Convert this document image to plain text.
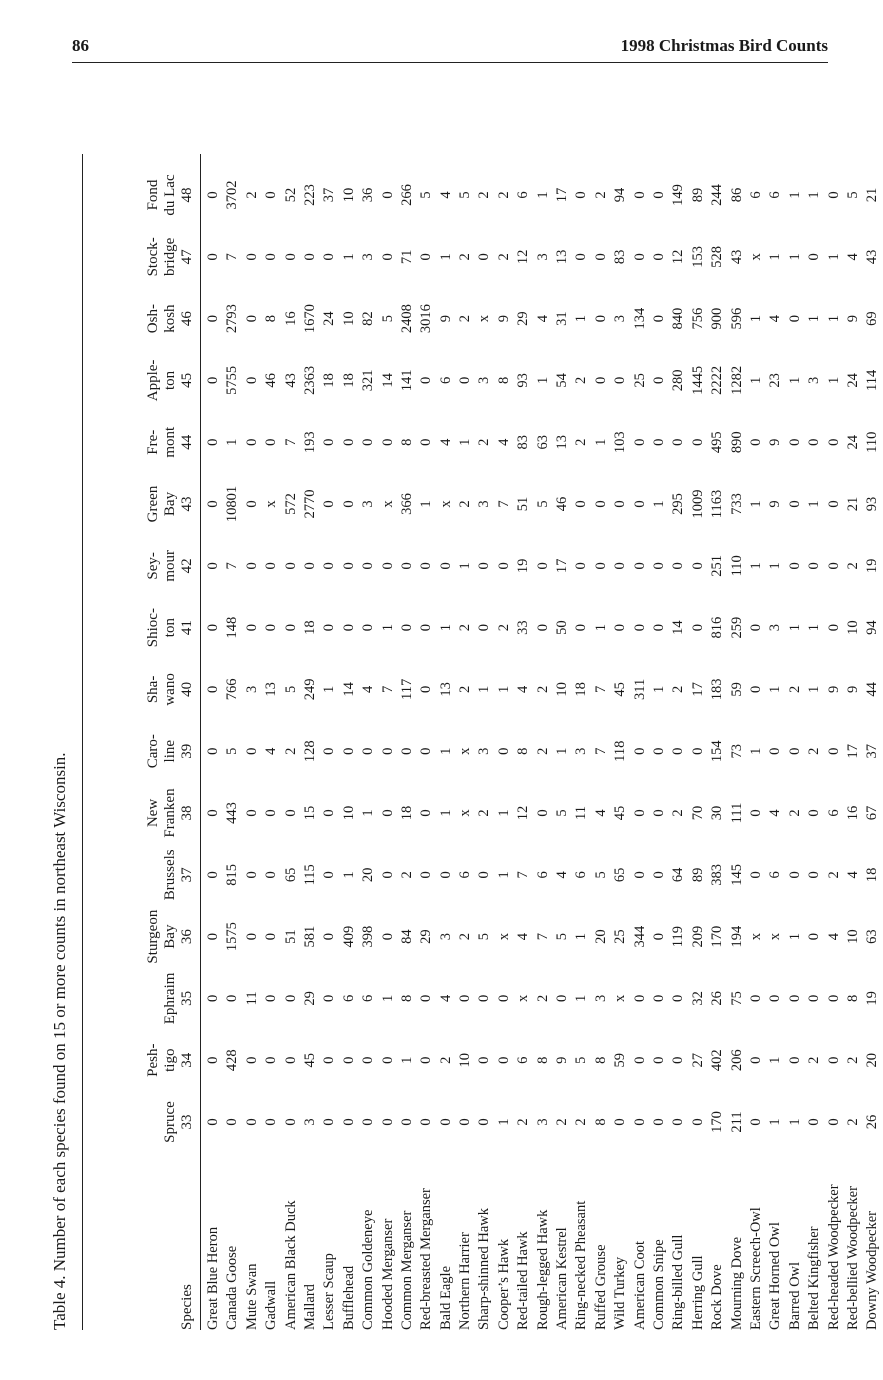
86	1998 Christmas Bird Counts
Table 4. Number of each species found on 15 or more counts in northeast Wisconsin.	Species
Spruce 33
Pesh- tigo 34
Ephraim 35
Sturgeon Bay 36
Brussels 37
New Franken 38
Caro- line 39
Sha- wano 40
Shioc- ton 41
Sey- mour 42
Green Bay 43
Fre- mont 44
Apple- ton 45
Osh- kosh 46
Stock- bridge 47
Fond du Lac 48
Great Blue Heron
0
0
0
0
0
0
0
0
0
0
0
0
0
0
0
0
Canada Goose
0
428
0
1575
815
443
5
766
148
7
10801
1
5755
2793
7
3702
Mute Swan
0
0
11
0
0
0
0
3
0
0
0
0
0
0
0
2
Gadwall
0
0
0
0
0
0
4
13
0
0
x
0
46
8
0
0
American Black Duck
0
0
0
51
65
0
2
5
0
0
572
7
43
16
0
52
Mallard
3
45
29
581
115
15
128
249
18
0
2770
193
2363
1670
0
223
Lesser Scaup
0
0
0
0
0
0
0
1
0
0
0
0
18
24
0
37
Bufflehead
0
0
6
409
1
10
0
14
0
0
0
0
18
10
1
10
Common Goldeneye
0
0
6
398
20
1
0
4
0
0
3
0
321
82
3
36
Hooded Merganser
0
0
1
0
0
0
0
7
1
0
x
0
14
5
0
0
Common Merganser
0
1
8
84
2
18
0
117
0
0
366
8
141
2408
71
266
Red-breasted Merganser
0
0
0
29
0
0
0
0
0
0
1
0
0
3016
0
5
Bald Eagle
0
2
4
3
0
1
1
13
1
0
x
4
6
9
1
4
Northern Harrier
0
10
0
2
6
x
x
2
2
1
2
1
0
2
2
5
Sharp-shinned Hawk
0
0
0
5
0
2
3
1
0
0
3
2
3
x
0
2
Cooper’s Hawk
1
0
0
x
1
1
0
1
2
0
7
4
8
9
2
2
Red-tailed Hawk
2
6
x
4
7
12
8
4
33
19
51
83
93
29
12
6
Rough-legged Hawk
3
8
2
7
6
0
2
2
0
0
5
63
1
4
3
1
American Kestrel
2
9
0
5
4
5
1
10
50
17
46
13
54
31
13
17
Ring-necked Pheasant
2
5
1
1
6
11
3
18
0
0
0
2
2
1
0
0
Ruffed Grouse
8
8
3
20
5
4
7
7
1
0
0
1
0
0
0
2
Wild Turkey
0
59
x
25
65
45
118
45
0
0
0
103
0
3
83
94
American Coot
0
0
0
344
0
0
0
311
0
0
0
0
25
134
0
0
Common Snipe
0
0
0
0
0
0
0
1
0
0
1
0
0
0
0
0
Ring-billed Gull
0
0
0
119
64
2
0
2
14
0
295
0
280
840
12
149
Herring Gull
0
27
32
209
89
70
0
17
0
0
1009
0
1445
756
153
89
Rock Dove
170
402
26
170
383
30
154
183
816
251
1163
495
2222
900
528
244
Mourning Dove
211
206
75
194
145
111
73
59
259
110
733
890
1282
596
43
86
Eastern Screech-Owl
0
0
0
x
0
0
1
0
0
1
1
0
1
1
x
6
Great Horned Owl
1
1
0
x
6
4
0
1
3
1
9
9
23
4
1
6
Barred Owl
1
0
0
1
0
2
0
2
1
0
0
0
1
0
1
1
Belted Kingfisher
0
2
0
0
0
0
2
1
1
0
1
0
3
1
0
1
Red-headed Woodpecker
0
0
0
4
2
6
0
9
0
0
0
0
1
1
1
0
Red-bellied Woodpecker
2
2
8
10
4
16
17
9
10
2
21
24
24
9
4
5
Downy Woodpecker
26
20
19
63
18
67
37
44
94
19
93
110
114
69
43
21
